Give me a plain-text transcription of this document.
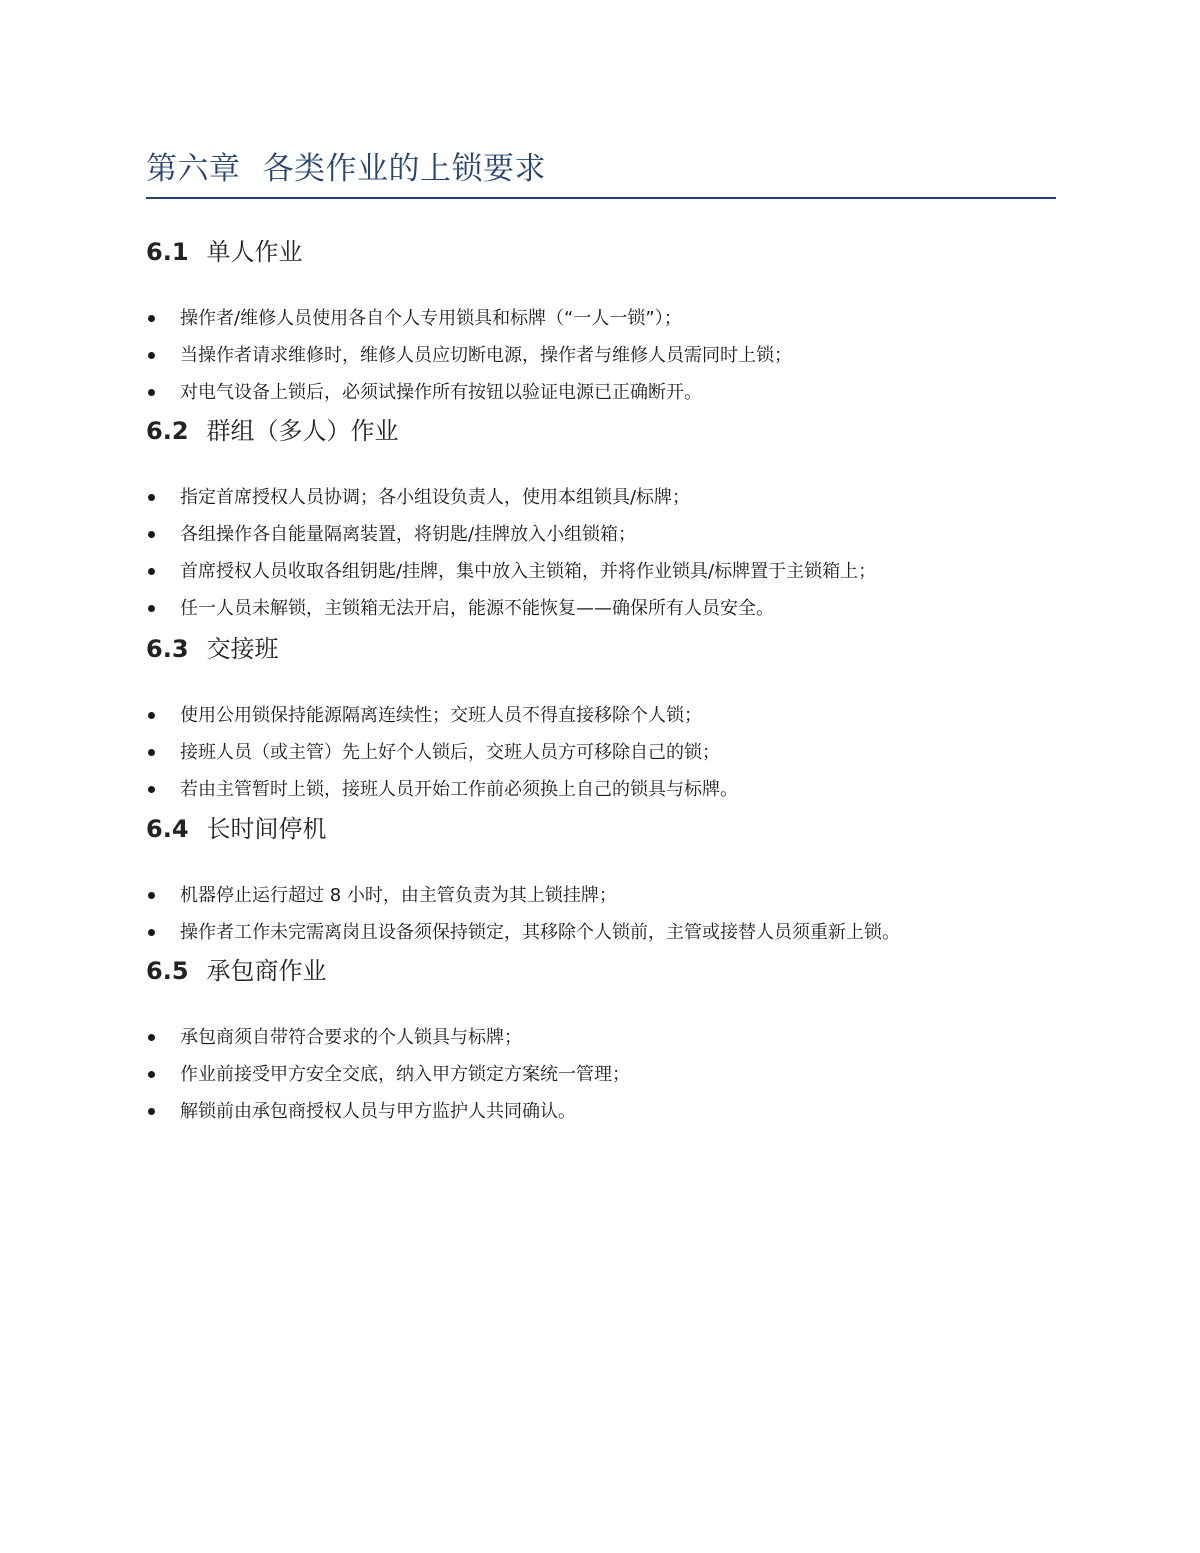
第六章 各类作业的上锁要求
6.1 单人作业
操作者/维修人员使用各自个人专用锁具和标牌（“一人一锁”）；
当操作者请求维修时，维修人员应切断电源，操作者与维修人员需同时上锁；
对电气设备上锁后，必须试操作所有按钮以验证电源已正确断开。
6.2 群组（多人）作业
指定首席授权人员协调；各小组设负责人，使用本组锁具/标牌；
各组操作各自能量隔离装置，将钥匙/挂牌放入小组锁箱；
首席授权人员收取各组钥匙/挂牌，集中放入主锁箱，并将作业锁具/标牌置于主锁箱上；
任一人员未解锁，主锁箱无法开启，能源不能恢复——确保所有人员安全。
6.3 交接班
使用公用锁保持能源隔离连续性；交班人员不得直接移除个人锁；
接班人员（或主管）先上好个人锁后，交班人员方可移除自己的锁；
若由主管暂时上锁，接班人员开始工作前必须换上自己的锁具与标牌。
6.4 长时间停机
机器停止运行超过 8 小时，由主管负责为其上锁挂牌；
操作者工作未完需离岗且设备须保持锁定，其移除个人锁前，主管或接替人员须重新上锁。
6.5 承包商作业
承包商须自带符合要求的个人锁具与标牌；
作业前接受甲方安全交底，纳入甲方锁定方案统一管理；
解锁前由承包商授权人员与甲方监护人共同确认。
